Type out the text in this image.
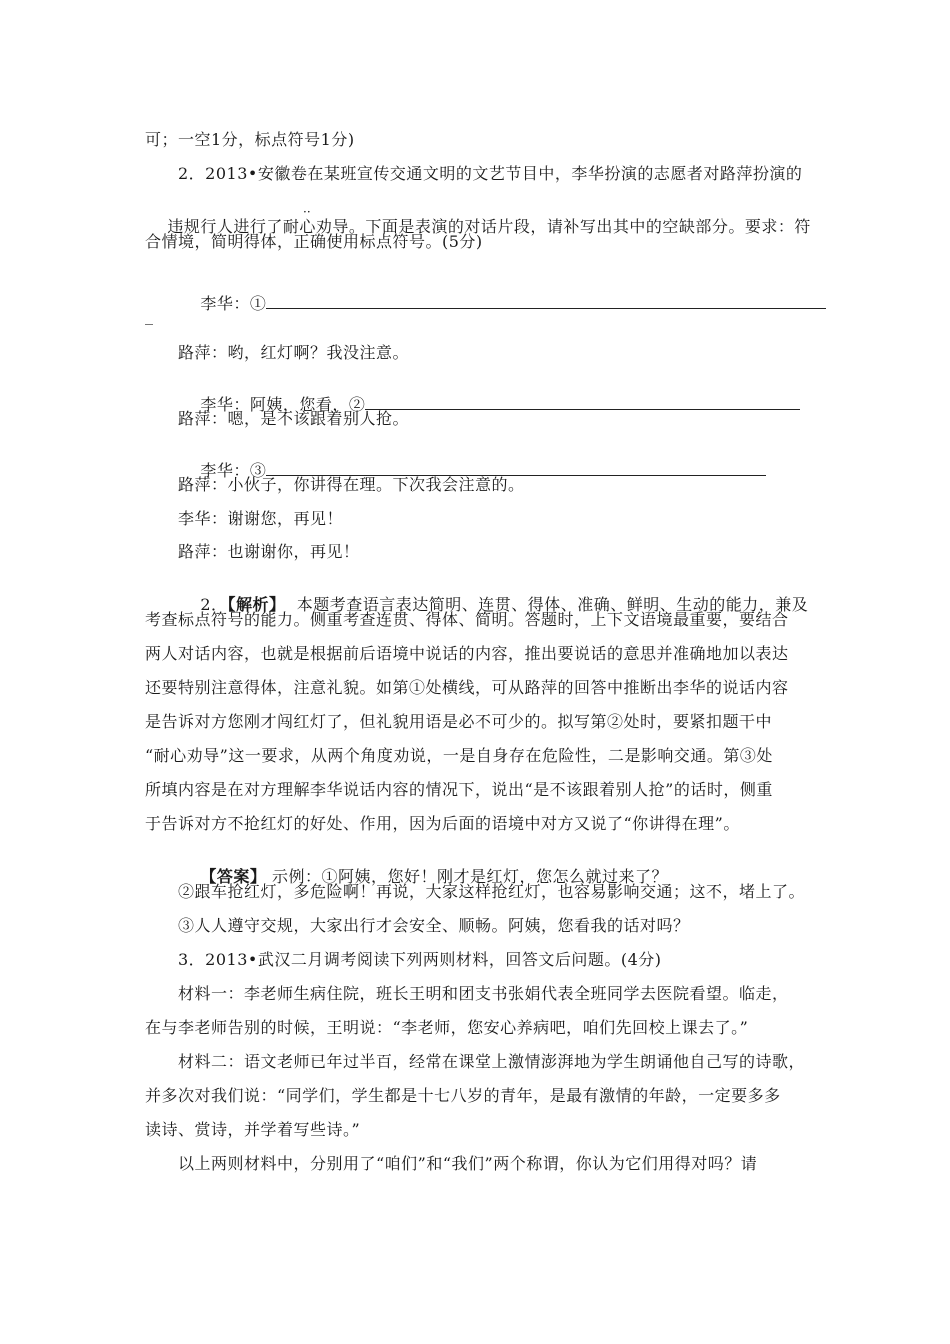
可；一空1分，标点符号1分)
2．2013•安徽卷在某班宣传交通文明的文艺节目中，李华扮演的志愿者对路萍扮演的

违规行人进行了耐心劝导。下面是表演的对话片段，请补写出其中的空缺部分。要求：符

··
合情境，简明得体，正确使用标点符号。(5分)

李华：①

_
路萍：哟，红灯啊？我没注意。

李华：阿姨，您看，②

路萍：嗯，是不该跟着别人抢。

李华：③

路萍：小伙子，你讲得在理。下次我会注意的。
李华：谢谢您，再见！
路萍：也谢谢你，再见！

2．【解析】  本题考查语言表达简明、连贯、得体、准确、鲜明、生动的能力，兼及

考查标点符号的能力。侧重考查连贯、得体、简明。答题时，上下文语境最重要，要结合
两人对话内容，也就是根据前后语境中说话的内容，推出要说话的意思并准确地加以表达
还要特别注意得体，注意礼貌。如第①处横线，可从路萍的回答中推断出李华的说话内容
是告诉对方您刚才闯红灯了，但礼貌用语是必不可少的。拟写第②处时，要紧扣题干中
“耐心劝导”这一要求，从两个角度劝说，一是自身存在危险性，二是影响交通。第③处
所填内容是在对方理解李华说话内容的情况下，说出“是不该跟着别人抢”的话时，侧重
于告诉对方不抢红灯的好处、作用，因为后面的语境中对方又说了“你讲得在理”。

【答案】 示例：①阿姨，您好！刚才是红灯，您怎么就过来了？

②跟车抢红灯，多危险啊！再说，大家这样抢红灯，也容易影响交通；这不，堵上了。
③人人遵守交规，大家出行才会安全、顺畅。阿姨，您看我的话对吗？
3．2013•武汉二月调考阅读下列两则材料，回答文后问题。(4分)
材料一：李老师生病住院，班长王明和团支书张娟代表全班同学去医院看望。临走，
在与李老师告别的时候，王明说：“李老师，您安心养病吧，咱们先回校上课去了。”
材料二：语文老师已年过半百，经常在课堂上激情澎湃地为学生朗诵他自己写的诗歌，
并多次对我们说：“同学们，学生都是十七八岁的青年，是最有激情的年龄，一定要多多
读诗、赏诗，并学着写些诗。”
以上两则材料中，分别用了“咱们”和“我们”两个称谓，你认为它们用得对吗？请
